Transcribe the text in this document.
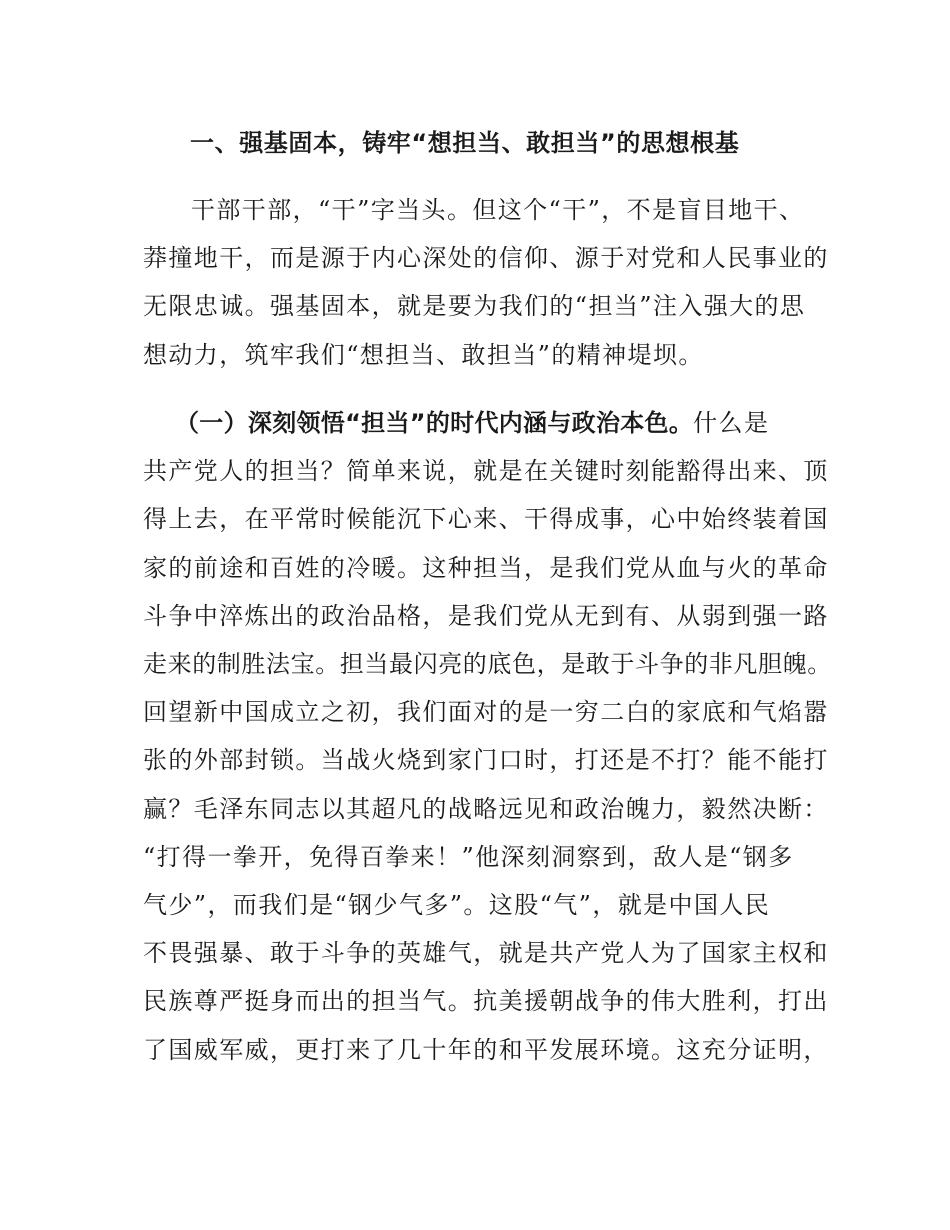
一、强基固本，铸牢“想担当、敢担当”的思想根基
干部干部，“干”字当头。但这个“干”，不是盲目地干、
莽撞地干，而是源于内心深处的信仰、源于对党和人民事业的
无限忠诚。强基固本，就是要为我们的“担当”注入强大的思
想动力，筑牢我们“想担当、敢担当”的精神堤坝。
（一）深刻领悟“担当”的时代内涵与政治本色。什么是
共产党人的担当？简单来说，就是在关键时刻能豁得出来、顶
得上去，在平常时候能沉下心来、干得成事，心中始终装着国
家的前途和百姓的冷暖。这种担当，是我们党从血与火的革命
斗争中淬炼出的政治品格，是我们党从无到有、从弱到强一路
走来的制胜法宝。担当最闪亮的底色，是敢于斗争的非凡胆魄。
回望新中国成立之初，我们面对的是一穷二白的家底和气焰嚣
张的外部封锁。当战火烧到家门口时，打还是不打？能不能打
赢？毛泽东同志以其超凡的战略远见和政治魄力，毅然决断：
“打得一拳开，免得百拳来！”他深刻洞察到，敌人是“钢多
气少”，而我们是“钢少气多”。这股“气”，就是中国人民
不畏强暴、敢于斗争的英雄气，就是共产党人为了国家主权和
民族尊严挺身而出的担当气。抗美援朝战争的伟大胜利，打出
了国威军威，更打来了几十年的和平发展环境。这充分证明，
